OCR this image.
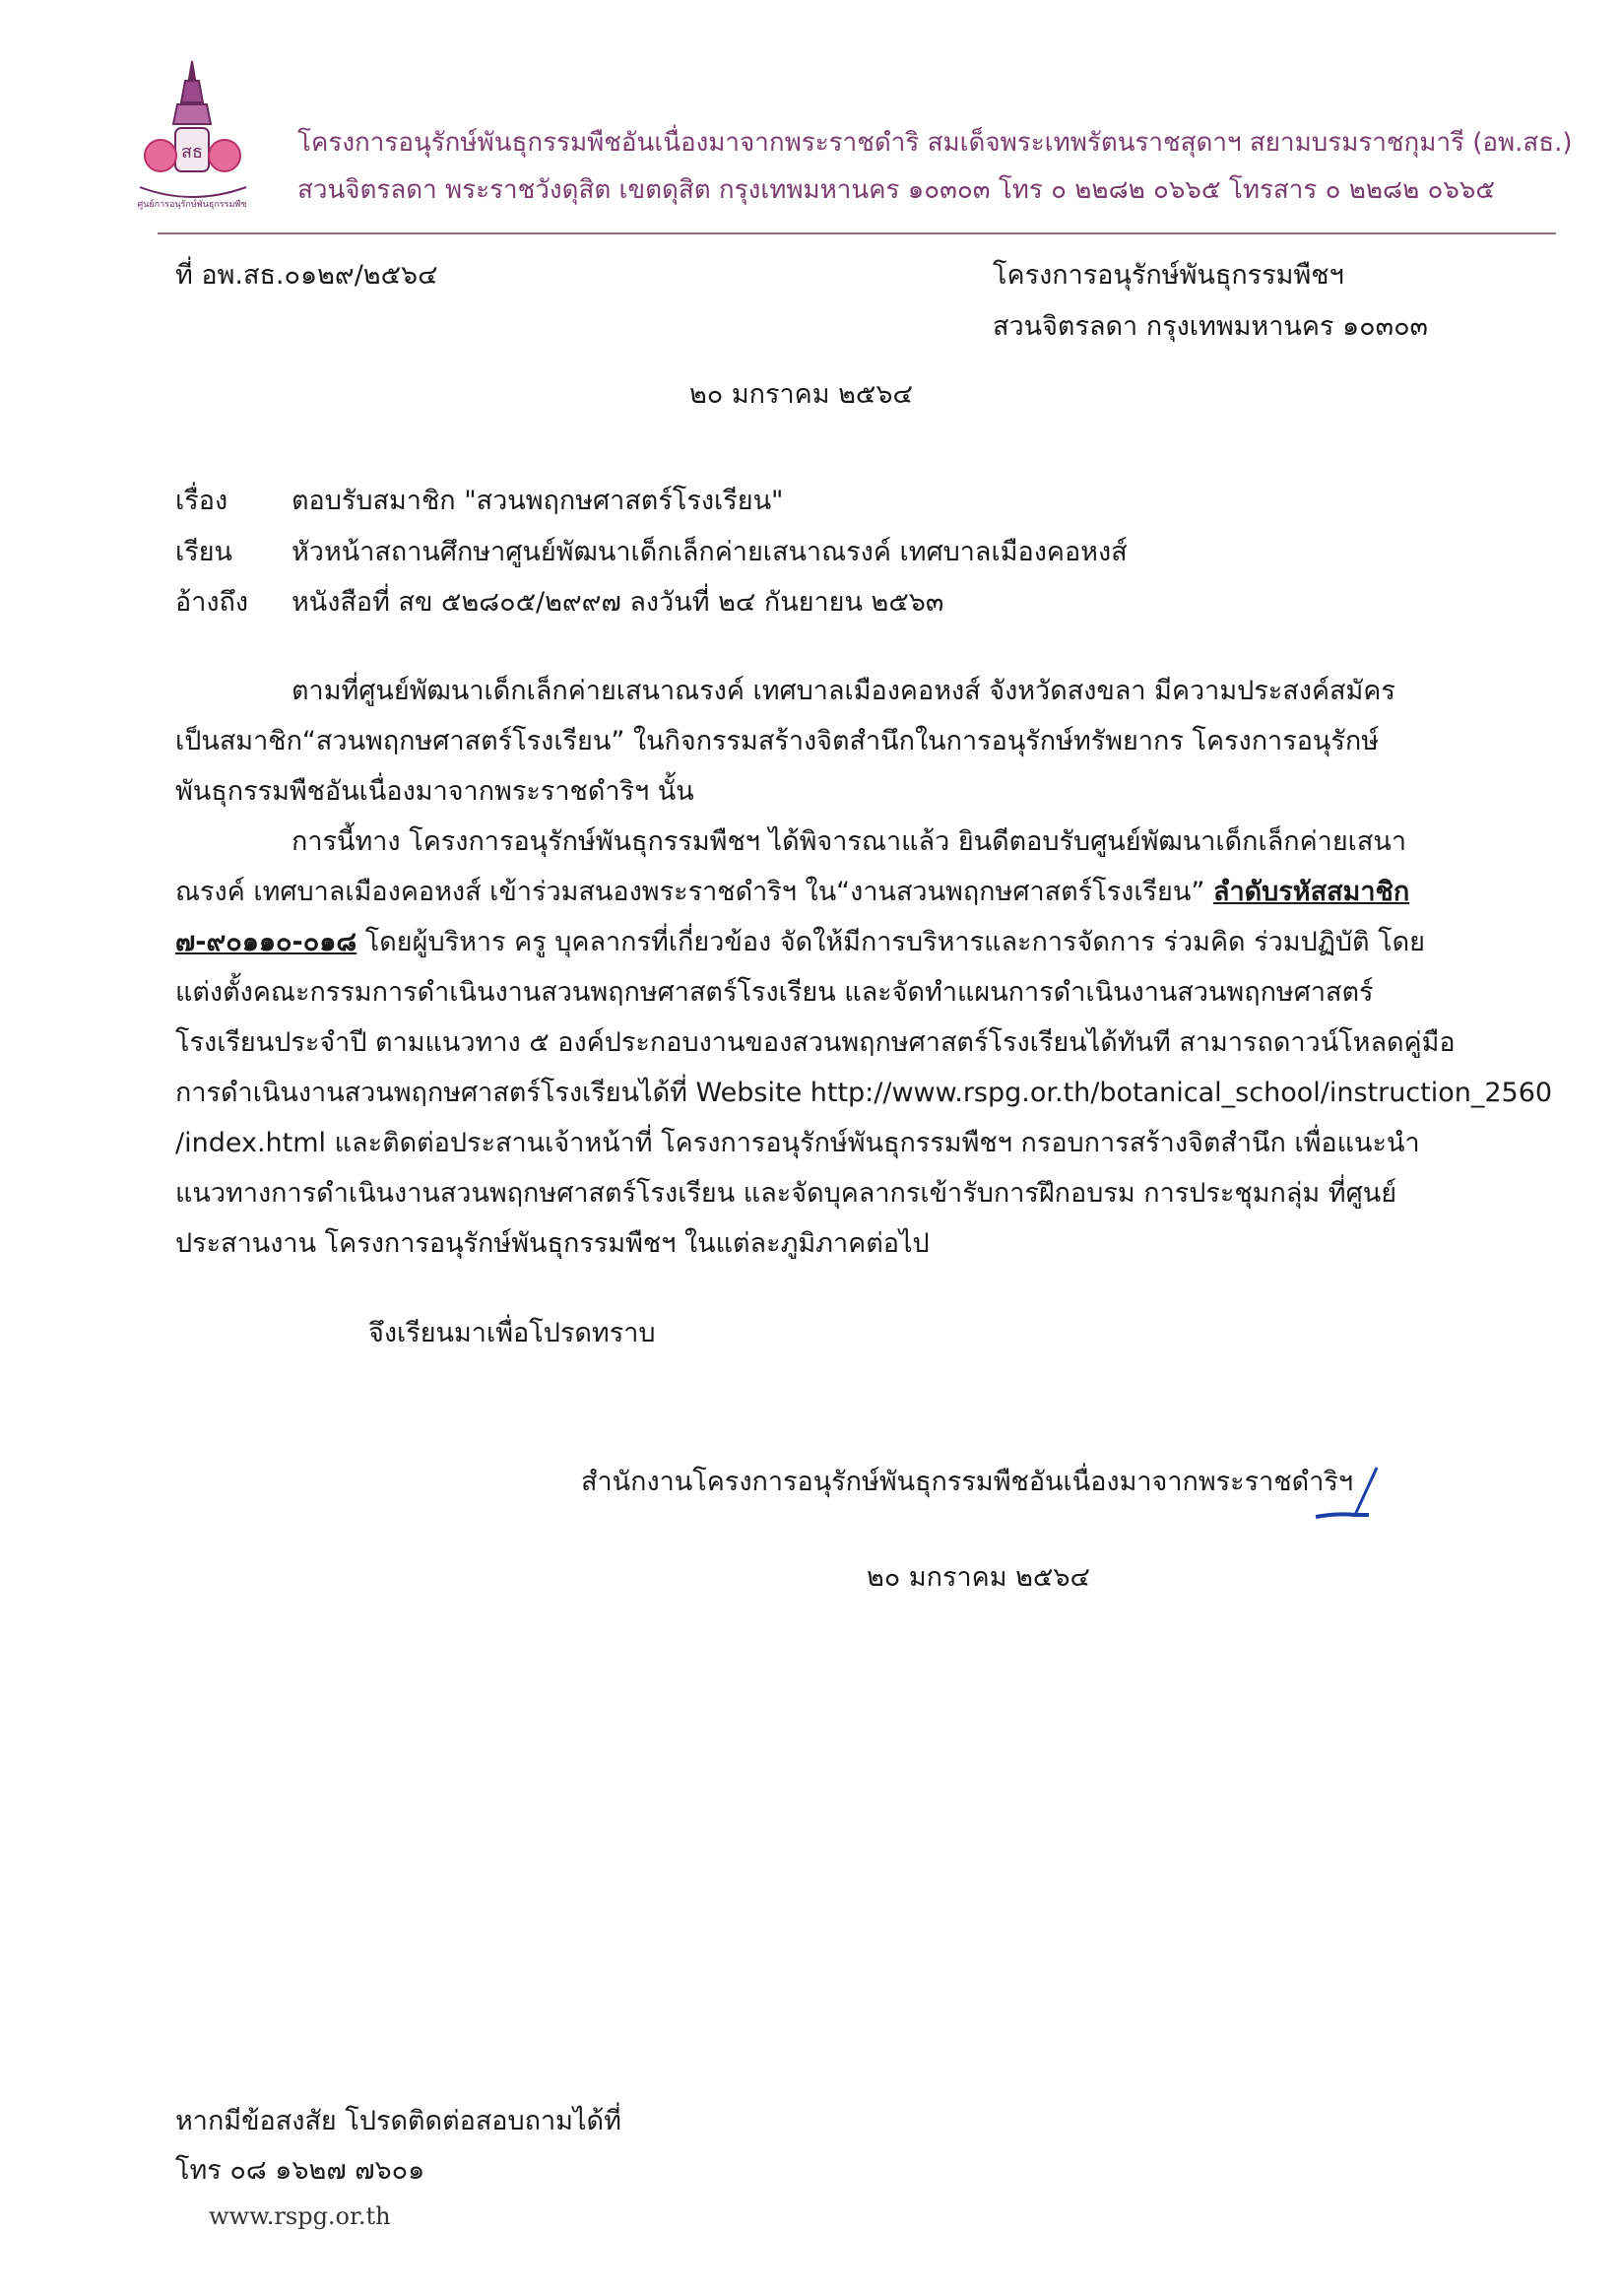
สธ
ศูนย์การอนุรักษ์พันธุกรรมพืช
โครงการอนุรักษ์พันธุกรรมพืชอันเนื่องมาจากพระราชดำริ สมเด็จพระเทพรัตนราชสุดาฯ สยามบรมราชกุมารี (อพ.สธ.)
สวนจิตรลดา พระราชวังดุสิต เขตดุสิต กรุงเทพมหานคร ๑๐๓๐๓ โทร ๐ ๒๒๘๒ ๐๖๖๕ โทรสาร ๐ ๒๒๘๒ ๐๖๖๕
ที่ อพ.สธ.๐๑๒๙/๒๕๖๔	โครงการอนุรักษ์พันธุกรรมพืชฯ
สวนจิตรลดา กรุงเทพมหานคร ๑๐๓๐๓
๒๐ มกราคม ๒๕๖๔
เรื่อง ตอบรับสมาชิก "สวนพฤกษศาสตร์โรงเรียน"
เรียน หัวหน้าสถานศึกษาศูนย์พัฒนาเด็กเล็กค่ายเสนาณรงค์ เทศบาลเมืองคอหงส์
อ้างถึง หนังสือที่ สข ๕๒๘๐๕/๒๙๙๗ ลงวันที่ ๒๔ กันยายน ๒๕๖๓
ตามที่ศูนย์พัฒนาเด็กเล็กค่ายเสนาณรงค์ เทศบาลเมืองคอหงส์ จังหวัดสงขลา มีความประสงค์สมัคร
เป็นสมาชิก“สวนพฤกษศาสตร์โรงเรียน” ในกิจกรรมสร้างจิตสำนึกในการอนุรักษ์ทรัพยากร โครงการอนุรักษ์
พันธุกรรมพืชอันเนื่องมาจากพระราชดำริฯ นั้น
การนี้ทาง โครงการอนุรักษ์พันธุกรรมพืชฯ ได้พิจารณาแล้ว ยินดีตอบรับศูนย์พัฒนาเด็กเล็กค่ายเสนา
ณรงค์ เทศบาลเมืองคอหงส์ เข้าร่วมสนองพระราชดำริฯ ใน“งานสวนพฤกษศาสตร์โรงเรียน” ลำดับรหัสสมาชิก
๗-๙๐๑๑๐-๐๑๘ โดยผู้บริหาร ครู บุคลากรที่เกี่ยวข้อง จัดให้มีการบริหารและการจัดการ ร่วมคิด ร่วมปฏิบัติ โดย
แต่งตั้งคณะกรรมการดำเนินงานสวนพฤกษศาสตร์โรงเรียน และจัดทำแผนการดำเนินงานสวนพฤกษศาสตร์
โรงเรียนประจำปี ตามแนวทาง ๕ องค์ประกอบงานของสวนพฤกษศาสตร์โรงเรียนได้ทันที สามารถดาวน์โหลดคู่มือ
การดำเนินงานสวนพฤกษศาสตร์โรงเรียนได้ที่ Website http://www.rspg.or.th/botanical_school/instruction_2560
/index.html และติดต่อประสานเจ้าหน้าที่ โครงการอนุรักษ์พันธุกรรมพืชฯ กรอบการสร้างจิตสำนึก เพื่อแนะนำ
แนวทางการดำเนินงานสวนพฤกษศาสตร์โรงเรียน และจัดบุคลากรเข้ารับการฝึกอบรม การประชุมกลุ่ม ที่ศูนย์
ประสานงาน โครงการอนุรักษ์พันธุกรรมพืชฯ ในแต่ละภูมิภาคต่อไป
จึงเรียนมาเพื่อโปรดทราบ
สำนักงานโครงการอนุรักษ์พันธุกรรมพืชอันเนื่องมาจากพระราชดำริฯ
๒๐ มกราคม ๒๕๖๔
หากมีข้อสงสัย โปรดติดต่อสอบถามได้ที่
โทร ๐๘ ๑๖๒๗ ๗๖๐๑
www.rspg.or.th
